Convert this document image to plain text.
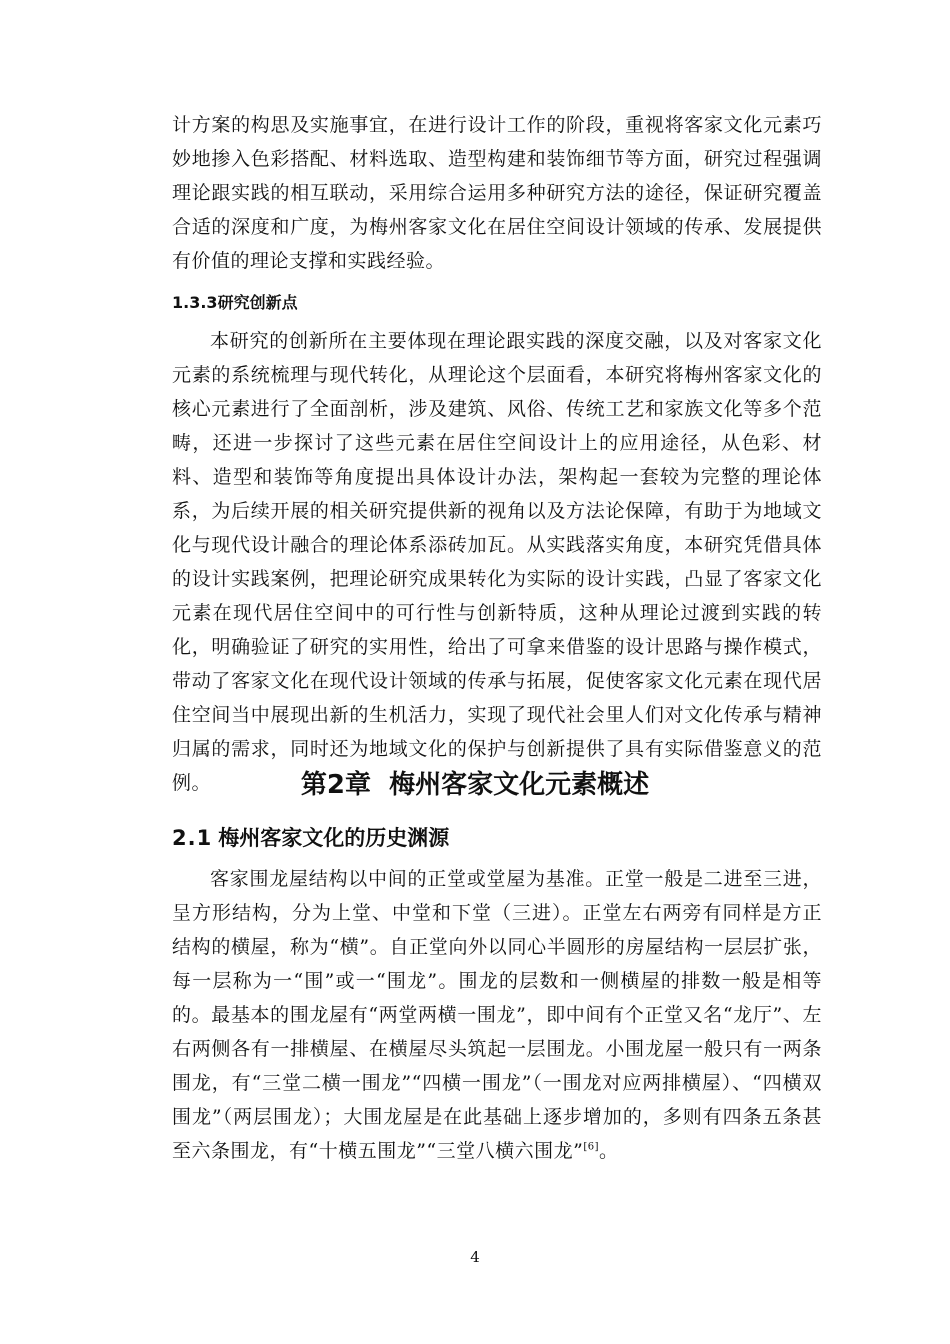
计方案的构思及实施事宜，在进行设计工作的阶段，重视将客家文化元素巧妙地掺入色彩搭配、材料选取、造型构建和装饰细节等方面，研究过程强调理论跟实践的相互联动，采用综合运用多种研究方法的途径，保证研究覆盖合适的深度和广度，为梅州客家文化在居住空间设计领域的传承、发展提供有价值的理论支撑和实践经验。

1.3.3研究创新点

本研究的创新所在主要体现在理论跟实践的深度交融，以及对客家文化元素的系统梳理与现代转化，从理论这个层面看，本研究将梅州客家文化的核心元素进行了全面剖析，涉及建筑、风俗、传统工艺和家族文化等多个范畴，还进一步探讨了这些元素在居住空间设计上的应用途径，从色彩、材料、造型和装饰等角度提出具体设计办法，架构起一套较为完整的理论体系，为后续开展的相关研究提供新的视角以及方法论保障，有助于为地域文化与现代设计融合的理论体系添砖加瓦。从实践落实角度，本研究凭借具体的设计实践案例，把理论研究成果转化为实际的设计实践，凸显了客家文化元素在现代居住空间中的可行性与创新特质，这种从理论过渡到实践的转化，明确验证了研究的实用性，给出了可拿来借鉴的设计思路与操作模式，带动了客家文化在现代设计领域的传承与拓展，促使客家文化元素在现代居住空间当中展现出新的生机活力，实现了现代社会里人们对文化传承与精神归属的需求，同时还为地域文化的保护与创新提供了具有实际借鉴意义的范例。	第2章 梅州客家文化元素概述
2.1 梅州客家文化的历史渊源

客家围龙屋结构以中间的正堂或堂屋为基准。正堂一般是二进至三进，呈方形结构，分为上堂、中堂和下堂（三进）。正堂左右两旁有同样是方正结构的横屋，称为“横”。自正堂向外以同心半圆形的房屋结构一层层扩张，每一层称为一“围”或一“围龙”。围龙的层数和一侧横屋的排数一般是相等的。最基本的围龙屋有“两堂两横一围龙”，即中间有个正堂又名“龙厅”、左右两侧各有一排横屋、在横屋尽头筑起一层围龙。小围龙屋一般只有一两条围龙，有“三堂二横一围龙”“四横一围龙”（一围龙对应两排横屋）、“四横双围龙”（两层围龙）；大围龙屋是在此基础上逐步增加的，多则有四条五条甚至六条围龙，有“十横五围龙”“三堂八横六围龙”[6]。

4
